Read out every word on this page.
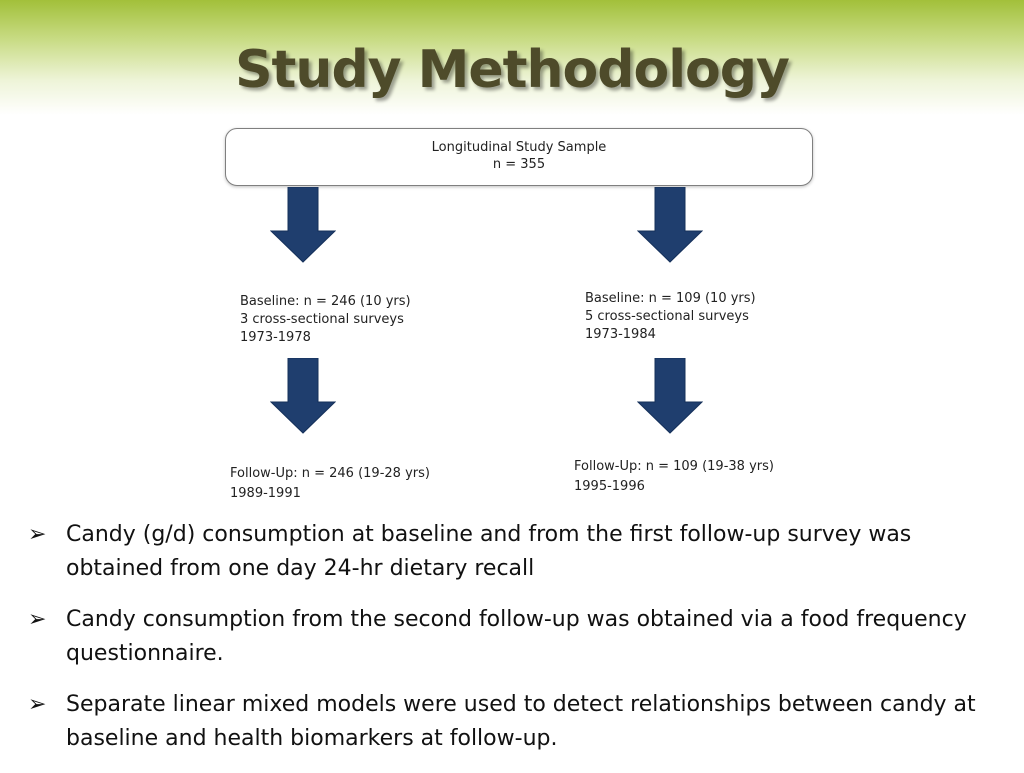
Study Methodology
Longitudinal Study Sample
n = 355
Baseline: n = 246 (10 yrs)
3 cross-sectional surveys
1973-1978
Baseline: n = 109 (10 yrs)
5 cross-sectional surveys
1973-1984
Follow-Up: n = 246 (19-28 yrs)
1989-1991
Follow-Up: n = 109 (19-38 yrs)
1995-1996
➢ Candy (g/d) consumption at baseline and from the first follow-up survey was obtained from one day 24-hr dietary recall
➢ Candy consumption from the second follow-up was obtained via a food frequency questionnaire.
➢ Separate linear mixed models were used to detect relationships between candy at baseline and health biomarkers at follow-up.
